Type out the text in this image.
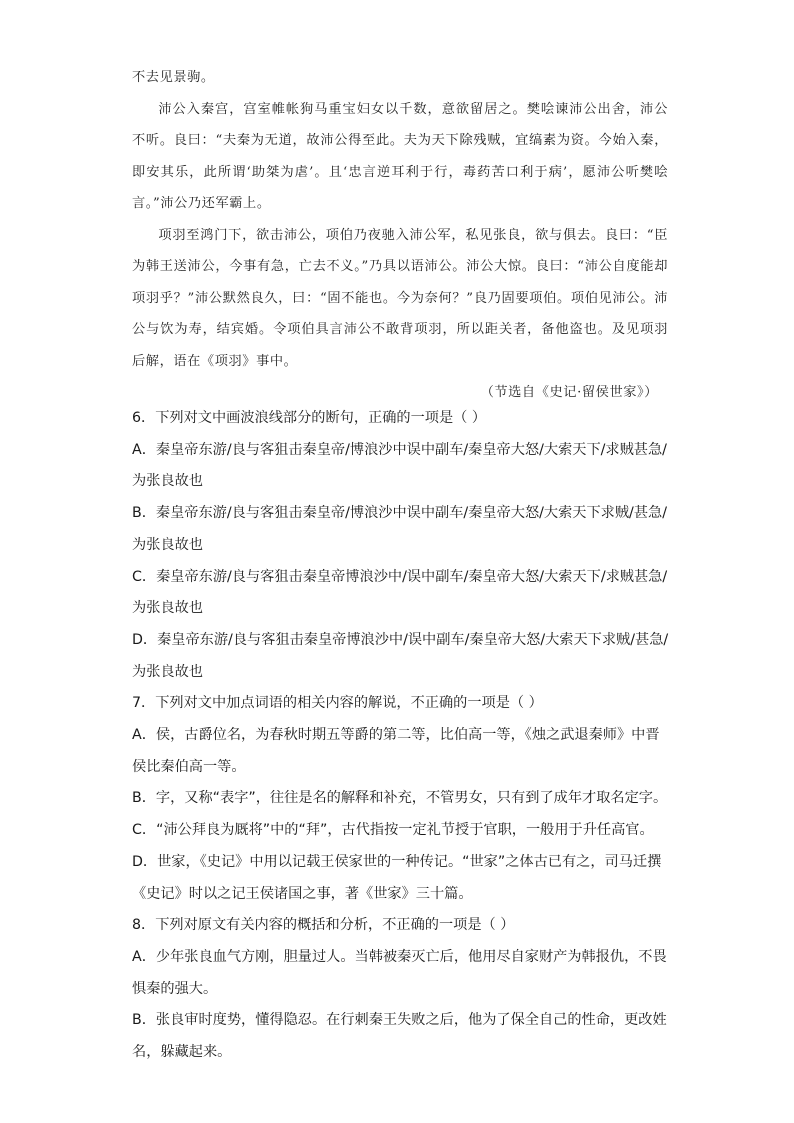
不去见景驹。

沛公入秦宫，宫室帷帐狗马重宝妇女以千数，意欲留居之。樊哙谏沛公出舍，沛公不听。良曰：“夫秦为无道，故沛公得至此。夫为天下除残贼，宜缟素为资。今始入秦，即安其乐，此所谓‘助桀为虐’。且‘忠言逆耳利于行，毒药苦口利于病’，愿沛公听樊哙言。”沛公乃还军霸上。

项羽至鸿门下，欲击沛公，项伯乃夜驰入沛公军，私见张良，欲与俱去。良曰：“臣为韩王送沛公，今事有急，亡去不义。”乃具以语沛公。沛公大惊。良曰：“沛公自度能却项羽乎？”沛公默然良久，曰：“固不能也。今为奈何？”良乃固要项伯。项伯见沛公。沛公与饮为寿，结宾婚。令项伯具言沛公不敢背项羽，所以距关者，备他盗也。及见项羽后解，语在《项羽》事中。

（节选自《史记·留侯世家》）

6．下列对文中画波浪线部分的断句，正确的一项是（ ）
A．秦皇帝东游/良与客狙击秦皇帝/博浪沙中误中副车/秦皇帝大怒/大索天下/求贼甚急/
为张良故也
B．秦皇帝东游/良与客狙击秦皇帝/博浪沙中误中副车/秦皇帝大怒/大索天下求贼/甚急/
为张良故也
C．秦皇帝东游/良与客狙击秦皇帝博浪沙中/误中副车/秦皇帝大怒/大索天下/求贼甚急/
为张良故也
D．秦皇帝东游/良与客狙击秦皇帝博浪沙中/误中副车/秦皇帝大怒/大索天下求贼/甚急/
为张良故也
7．下列对文中加点词语的相关内容的解说，不正确的一项是（ ）
A．侯，古爵位名，为春秋时期五等爵的第二等，比伯高一等，《烛之武退秦师》中晋
侯比秦伯高一等。
B．字，又称“表字”，往往是名的解释和补充，不管男女，只有到了成年才取名定字。
C．“沛公拜良为厩将”中的“拜”，古代指按一定礼节授于官职，一般用于升任高官。
D．世家，《史记》中用以记载王侯家世的一种传记。“世家”之体古已有之，司马迁撰
《史记》时以之记王侯诸国之事，著《世家》三十篇。
8．下列对原文有关内容的概括和分析，不正确的一项是（ ）
A．少年张良血气方刚，胆量过人。当韩被秦灭亡后，他用尽自家财产为韩报仇，不畏
惧秦的强大。
B．张良审时度势，懂得隐忍。在行刺秦王失败之后，他为了保全自己的性命，更改姓
名，躲藏起来。
